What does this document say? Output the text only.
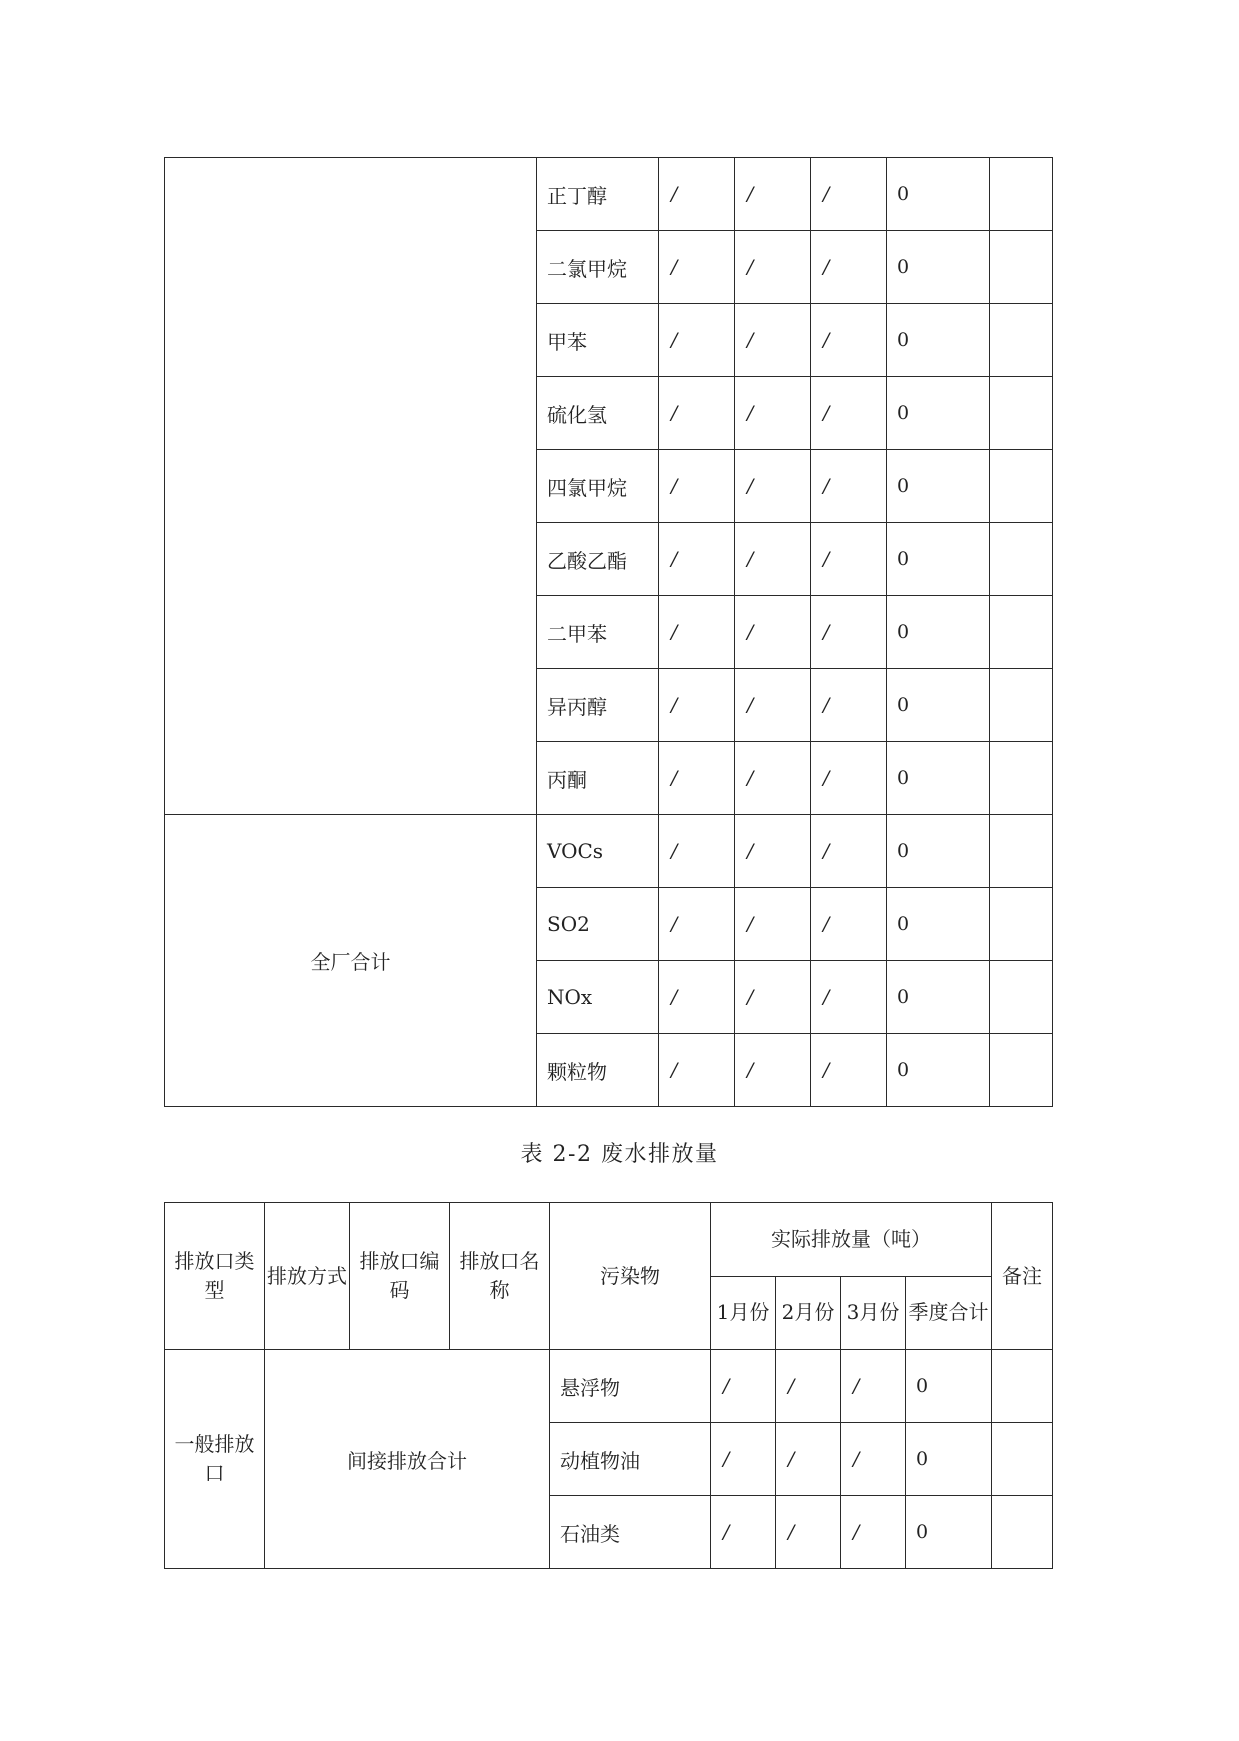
	正丁醇	/	/	/	0	
	二氯甲烷	/	/	/	0	
	甲苯	/	/	/	0	
	硫化氢	/	/	/	0	
	四氯甲烷	/	/	/	0	
	乙酸乙酯	/	/	/	0	
	二甲苯	/	/	/	0	
	异丙醇	/	/	/	0	
	丙酮	/	/	/	0	
全厂合计	VOCs	/	/	/	0	
	SO2	/	/	/	0	
	NOx	/	/	/	0	
	颗粒物	/	/	/	0	
表 2-2 废水排放量
排放口类型	排放方式	排放口编码	排放口名称	污染物	实际排放量（吨）				备注
					1月份	2月份	3月份	季度合计	
一般排放口	间接排放合计			悬浮物	/	/	/	0	
				动植物油	/	/	/	0	
				石油类	/	/	/	0	
